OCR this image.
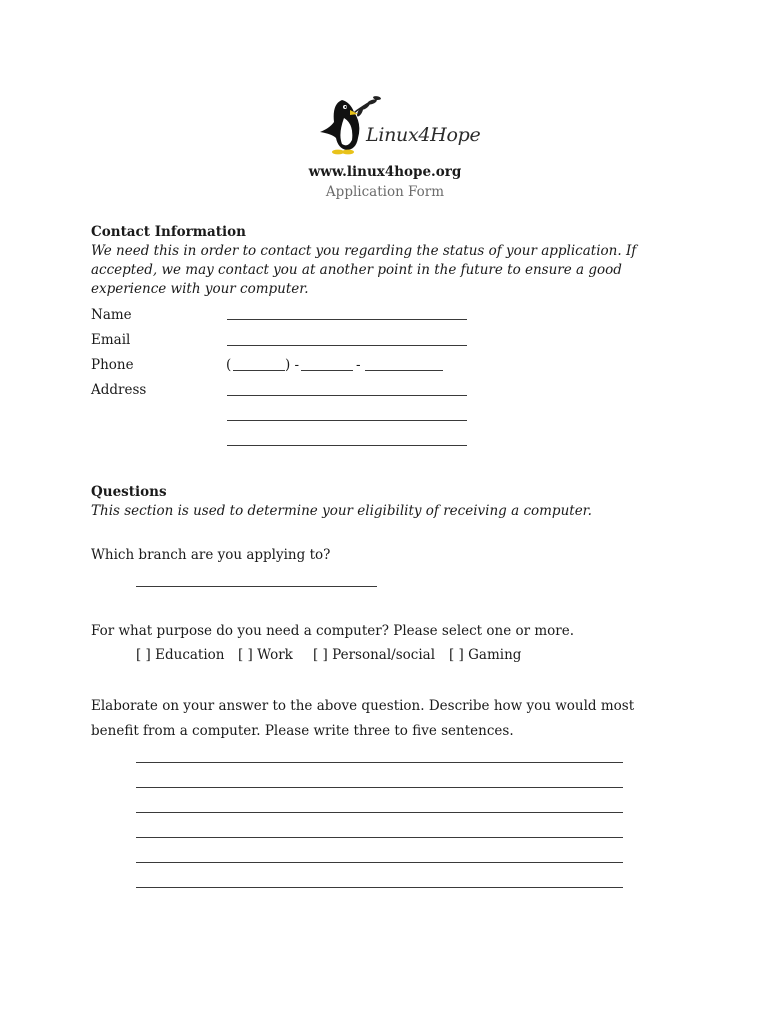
Linux4Hope
www.linux4hope.org
Application Form
Contact Information
We need this in order to contact you regarding the status of your application. If accepted, we may contact you at another point in the future to ensure a good experience with your computer.
Name
Email
Phone	(	) -	-
Address
Questions
This section is used to determine your eligibility of receiving a computer.
Which branch are you applying to?
For what purpose do you need a computer? Please select one or more.
[ ] Education [ ] Work [ ] Personal/social [ ] Gaming
Elaborate on your answer to the above question. Describe how you would most benefit from a computer. Please write three to five sentences.
